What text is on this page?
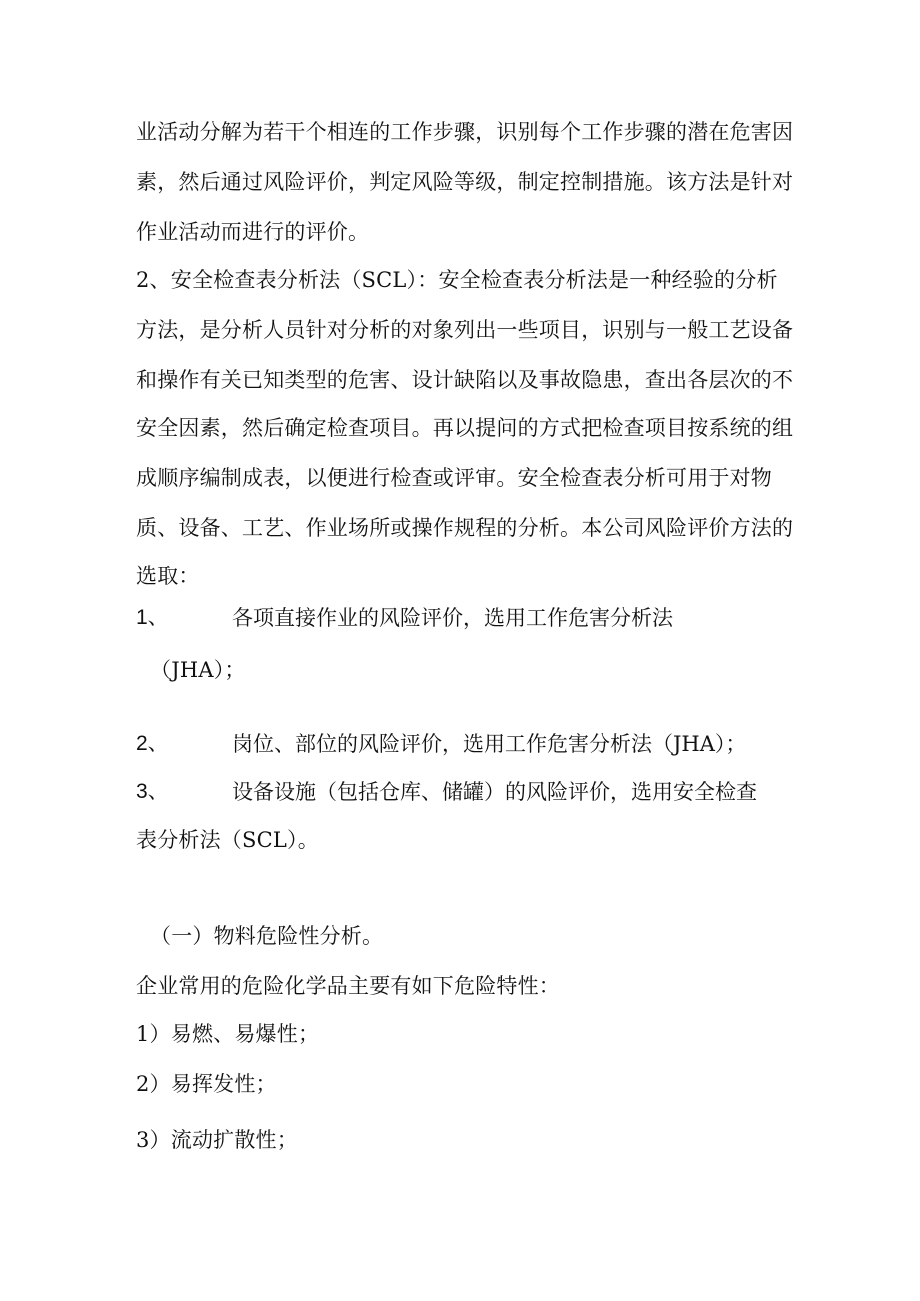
业活动分解为若干个相连的工作步骤，识别每个工作步骤的潜在危害因
素，然后通过风险评价，判定风险等级，制定控制措施。该方法是针对
作业活动而进行的评价。
2、安全检查表分析法（SCL）：安全检查表分析法是一种经验的分析
方法，是分析人员针对分析的对象列出一些项目，识别与一般工艺设备
和操作有关已知类型的危害、设计缺陷以及事故隐患，查出各层次的不
安全因素，然后确定检查项目。再以提问的方式把检查项目按系统的组
成顺序编制成表，以便进行检查或评审。安全检查表分析可用于对物
质、设备、工艺、作业场所或操作规程的分析。本公司风险评价方法的
选取：
1、	各项直接作业的风险评价，选用工作危害分析法
（JHA）；
2、	岗位、部位的风险评价，选用工作危害分析法（JHA）；
3、	设备设施（包括仓库、储罐）的风险评价，选用安全检查
表分析法（SCL）。
（一）物料危险性分析。
企业常用的危险化学品主要有如下危险特性：
1）易燃、易爆性；
2）易挥发性；
3）流动扩散性；
